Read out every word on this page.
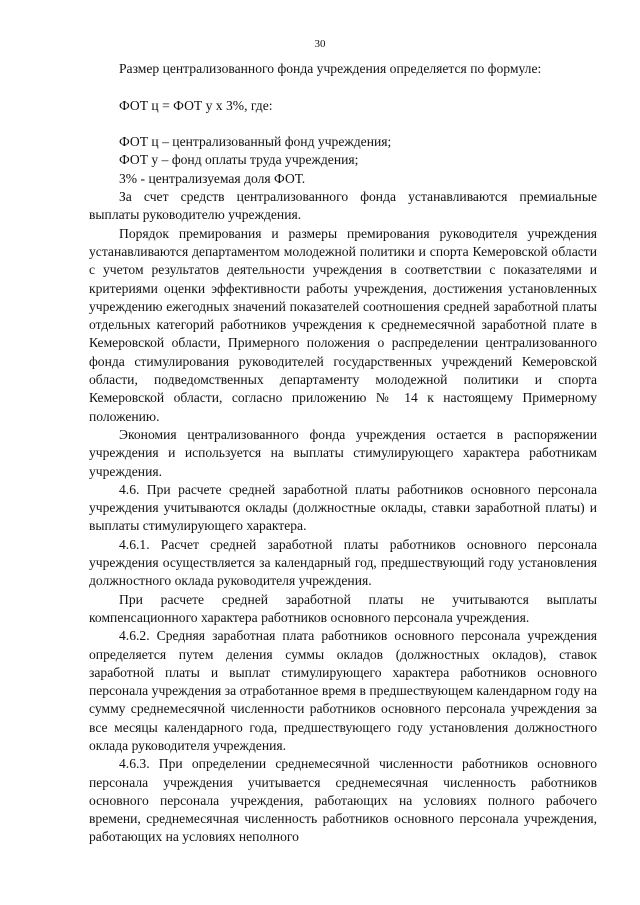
30

Размер централизованного фонда учреждения определяется по формуле:

ФОТ ц = ФОТ у х 3%, где:

ФОТ ц – централизованный фонд учреждения;

ФОТ у – фонд оплаты труда учреждения;

3% - централизуемая доля ФОТ.

За счет средств централизованного фонда устанавливаются премиальные выплаты руководителю учреждения.

Порядок премирования и размеры премирования руководителя учреждения устанавливаются департаментом молодежной политики и спорта Кемеровской области с учетом результатов деятельности учреждения в соответствии с показателями и критериями оценки эффективности работы учреждения, достижения установленных учреждению ежегодных значений показателей соотношения средней заработной платы отдельных категорий работников учреждения к среднемесячной заработной плате в Кемеровской области, Примерного положения о распределении централизованного фонда стимулирования руководителей государственных учреждений Кемеровской области, подведомственных департаменту молодежной политики и спорта Кемеровской области, согласно приложению № 14 к настоящему Примерному положению.

Экономия централизованного фонда учреждения остается в распоряжении учреждения и используется на выплаты стимулирующего характера работникам учреждения.

4.6. При расчете средней заработной платы работников основного персонала учреждения учитываются оклады (должностные оклады, ставки заработной платы) и выплаты стимулирующего характера.

4.6.1. Расчет средней заработной платы работников основного персонала учреждения осуществляется за календарный год, предшествующий году установления должностного оклада руководителя учреждения.

При расчете средней заработной платы не учитываются выплаты компенсационного характера работников основного персонала учреждения.

4.6.2. Средняя заработная плата работников основного персонала учреждения определяется путем деления суммы окладов (должностных окладов), ставок заработной платы и выплат стимулирующего характера работников основного персонала учреждения за отработанное время в предшествующем календарном году на сумму среднемесячной численности работников основного персонала учреждения за все месяцы календарного года, предшествующего году установления должностного оклада руководителя учреждения.

4.6.3. При определении среднемесячной численности работников основного персонала учреждения учитывается среднемесячная численность работников основного персонала учреждения, работающих на условиях полного рабочего времени, среднемесячная численность работников основного персонала учреждения, работающих на условиях неполного
